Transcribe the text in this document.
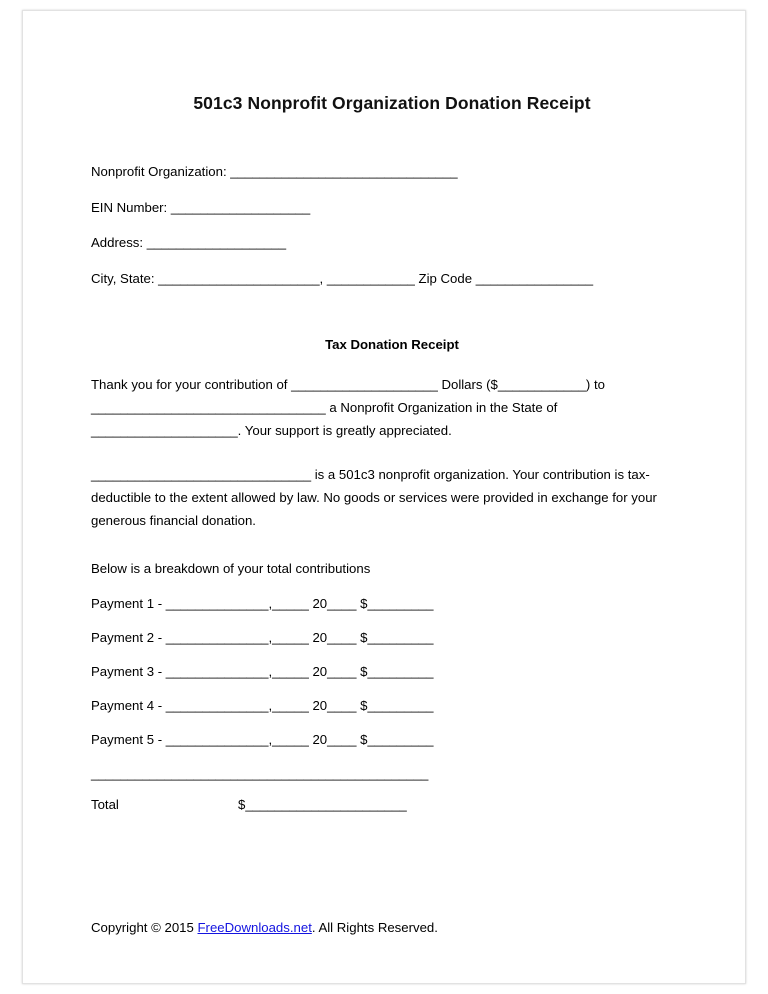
501c3 Nonprofit Organization Donation Receipt
Nonprofit Organization: _______________________________
EIN Number: ___________________
Address: ___________________
City, State: ______________________, ____________ Zip Code ________________
Tax Donation Receipt

Thank you for your contribution of ____________________ Dollars ($____________) to ________________________________ a Nonprofit Organization in the State of ____________________. Your support is greatly appreciated.

______________________________ is a 501c3 nonprofit organization. Your contribution is tax-deductible to the extent allowed by law. No goods or services were provided in exchange for your generous financial donation.

Below is a breakdown of your total contributions

Payment 1 - ______________,_____ 20____ $_________
Payment 2 - ______________,_____ 20____ $_________
Payment 3 - ______________,_____ 20____ $_________
Payment 4 - ______________,_____ 20____ $_________
Payment 5 - ______________,_____ 20____ $_________
______________________________________________
Total	$______________________
Copyright © 2015 FreeDownloads.net. All Rights Reserved.
